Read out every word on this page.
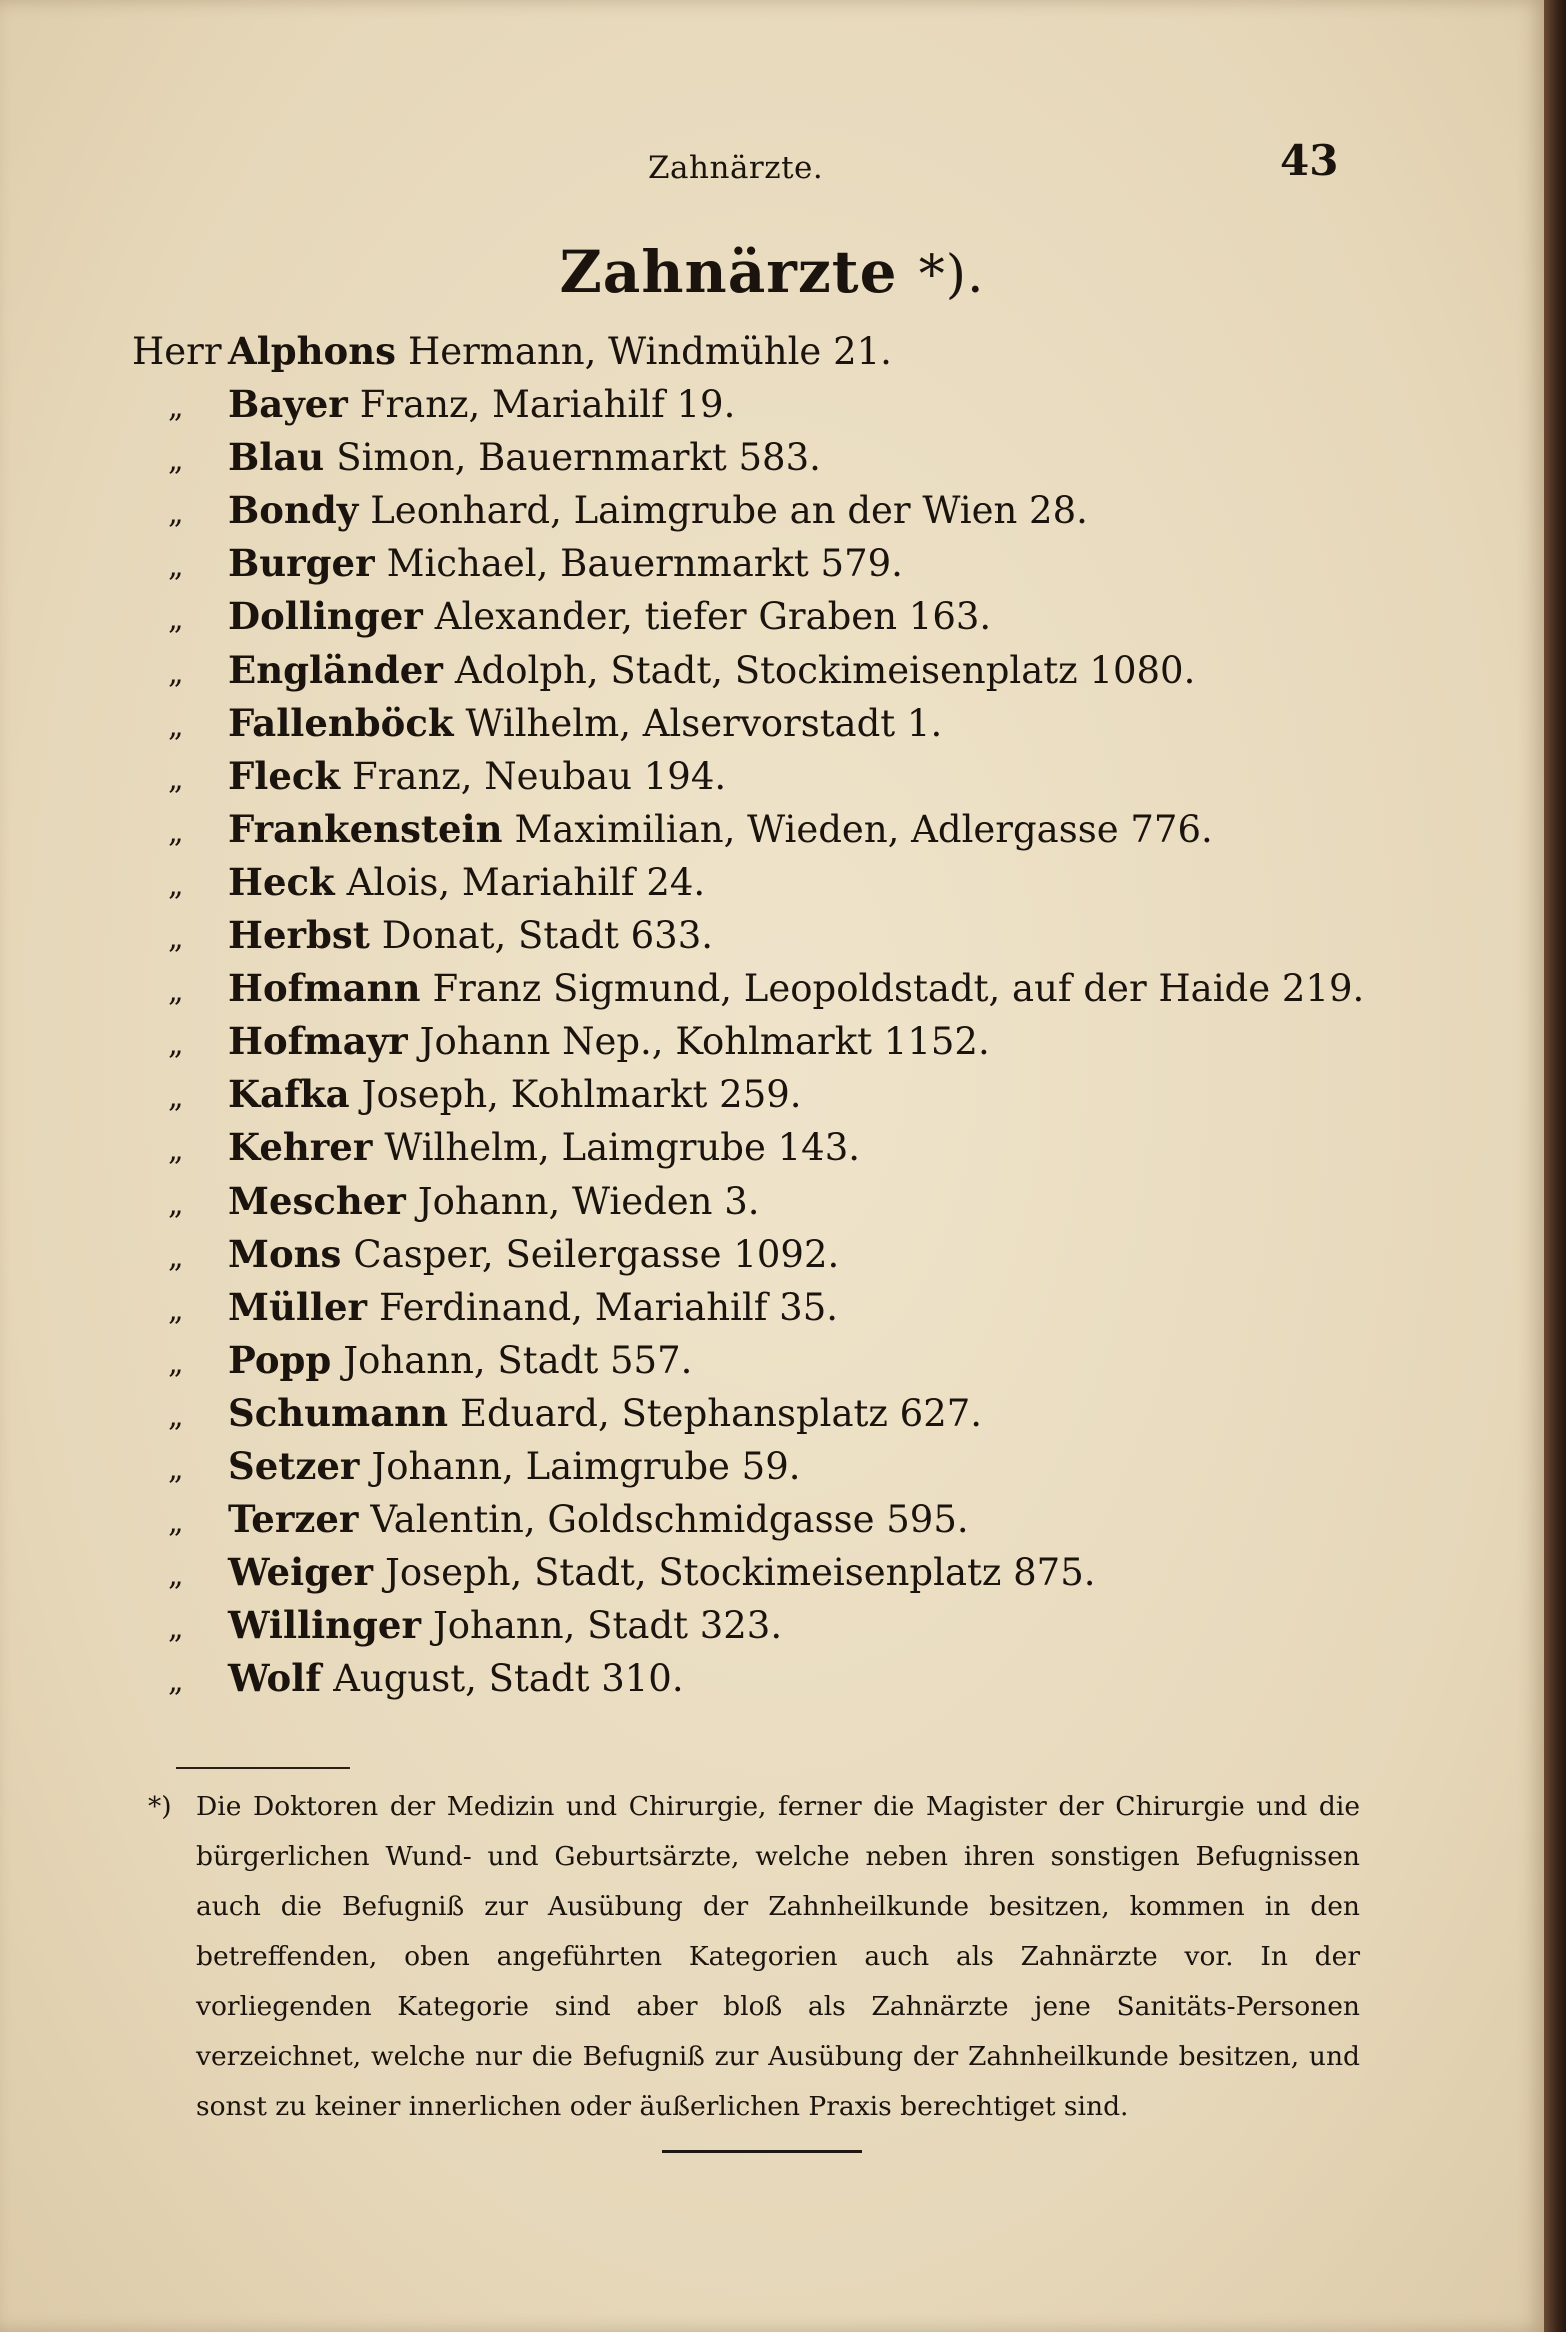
Zahnärzte.	43
Zahnärzte *).
Herr Alphons Hermann, Windmühle 21.
„	Bayer Franz, Mariahilf 19.
„	Blau Simon, Bauernmarkt 583.
„	Bondy Leonhard, Laimgrube an der Wien 28.
„	Burger Michael, Bauernmarkt 579.
„	Dollinger Alexander, tiefer Graben 163.
„	Engländer Adolph, Stadt, Stockimeisenplatz 1080.
„	Fallenböck Wilhelm, Alservorstadt 1.
„	Fleck Franz, Neubau 194.
„	Frankenstein Maximilian, Wieden, Adlergasse 776.
„	Heck Alois, Mariahilf 24.
„	Herbst Donat, Stadt 633.
„	Hofmann Franz Sigmund, Leopoldstadt, auf der Haide 219.
„	Hofmayr Johann Nep., Kohlmarkt 1152.
„	Kafka Joseph, Kohlmarkt 259.
„	Kehrer Wilhelm, Laimgrube 143.
„	Mescher Johann, Wieden 3.
„	Mons Casper, Seilergasse 1092.
„	Müller Ferdinand, Mariahilf 35.
„	Popp Johann, Stadt 557.
„	Schumann Eduard, Stephansplatz 627.
„	Setzer Johann, Laimgrube 59.
„	Terzer Valentin, Goldschmidgasse 595.
„	Weiger Joseph, Stadt, Stockimeisenplatz 875.
„	Willinger Johann, Stadt 323.
„	Wolf August, Stadt 310.
*) Die Doktoren der Medizin und Chirurgie, ferner die Magister der Chirurgie und die bürgerlichen Wund- und Geburtsärzte, welche neben ihren sonstigen Befugnissen auch die Befugniß zur Ausübung der Zahnheilkunde besitzen, kommen in den betreffenden, oben angeführten Kategorien auch als Zahnärzte vor. In der vorliegenden Kategorie sind aber bloß als Zahnärzte jene Sanitäts-Personen verzeichnet, welche nur die Befugniß zur Ausübung der Zahnheilkunde besitzen, und sonst zu keiner innerlichen oder äußerlichen Praxis berechtiget sind.
